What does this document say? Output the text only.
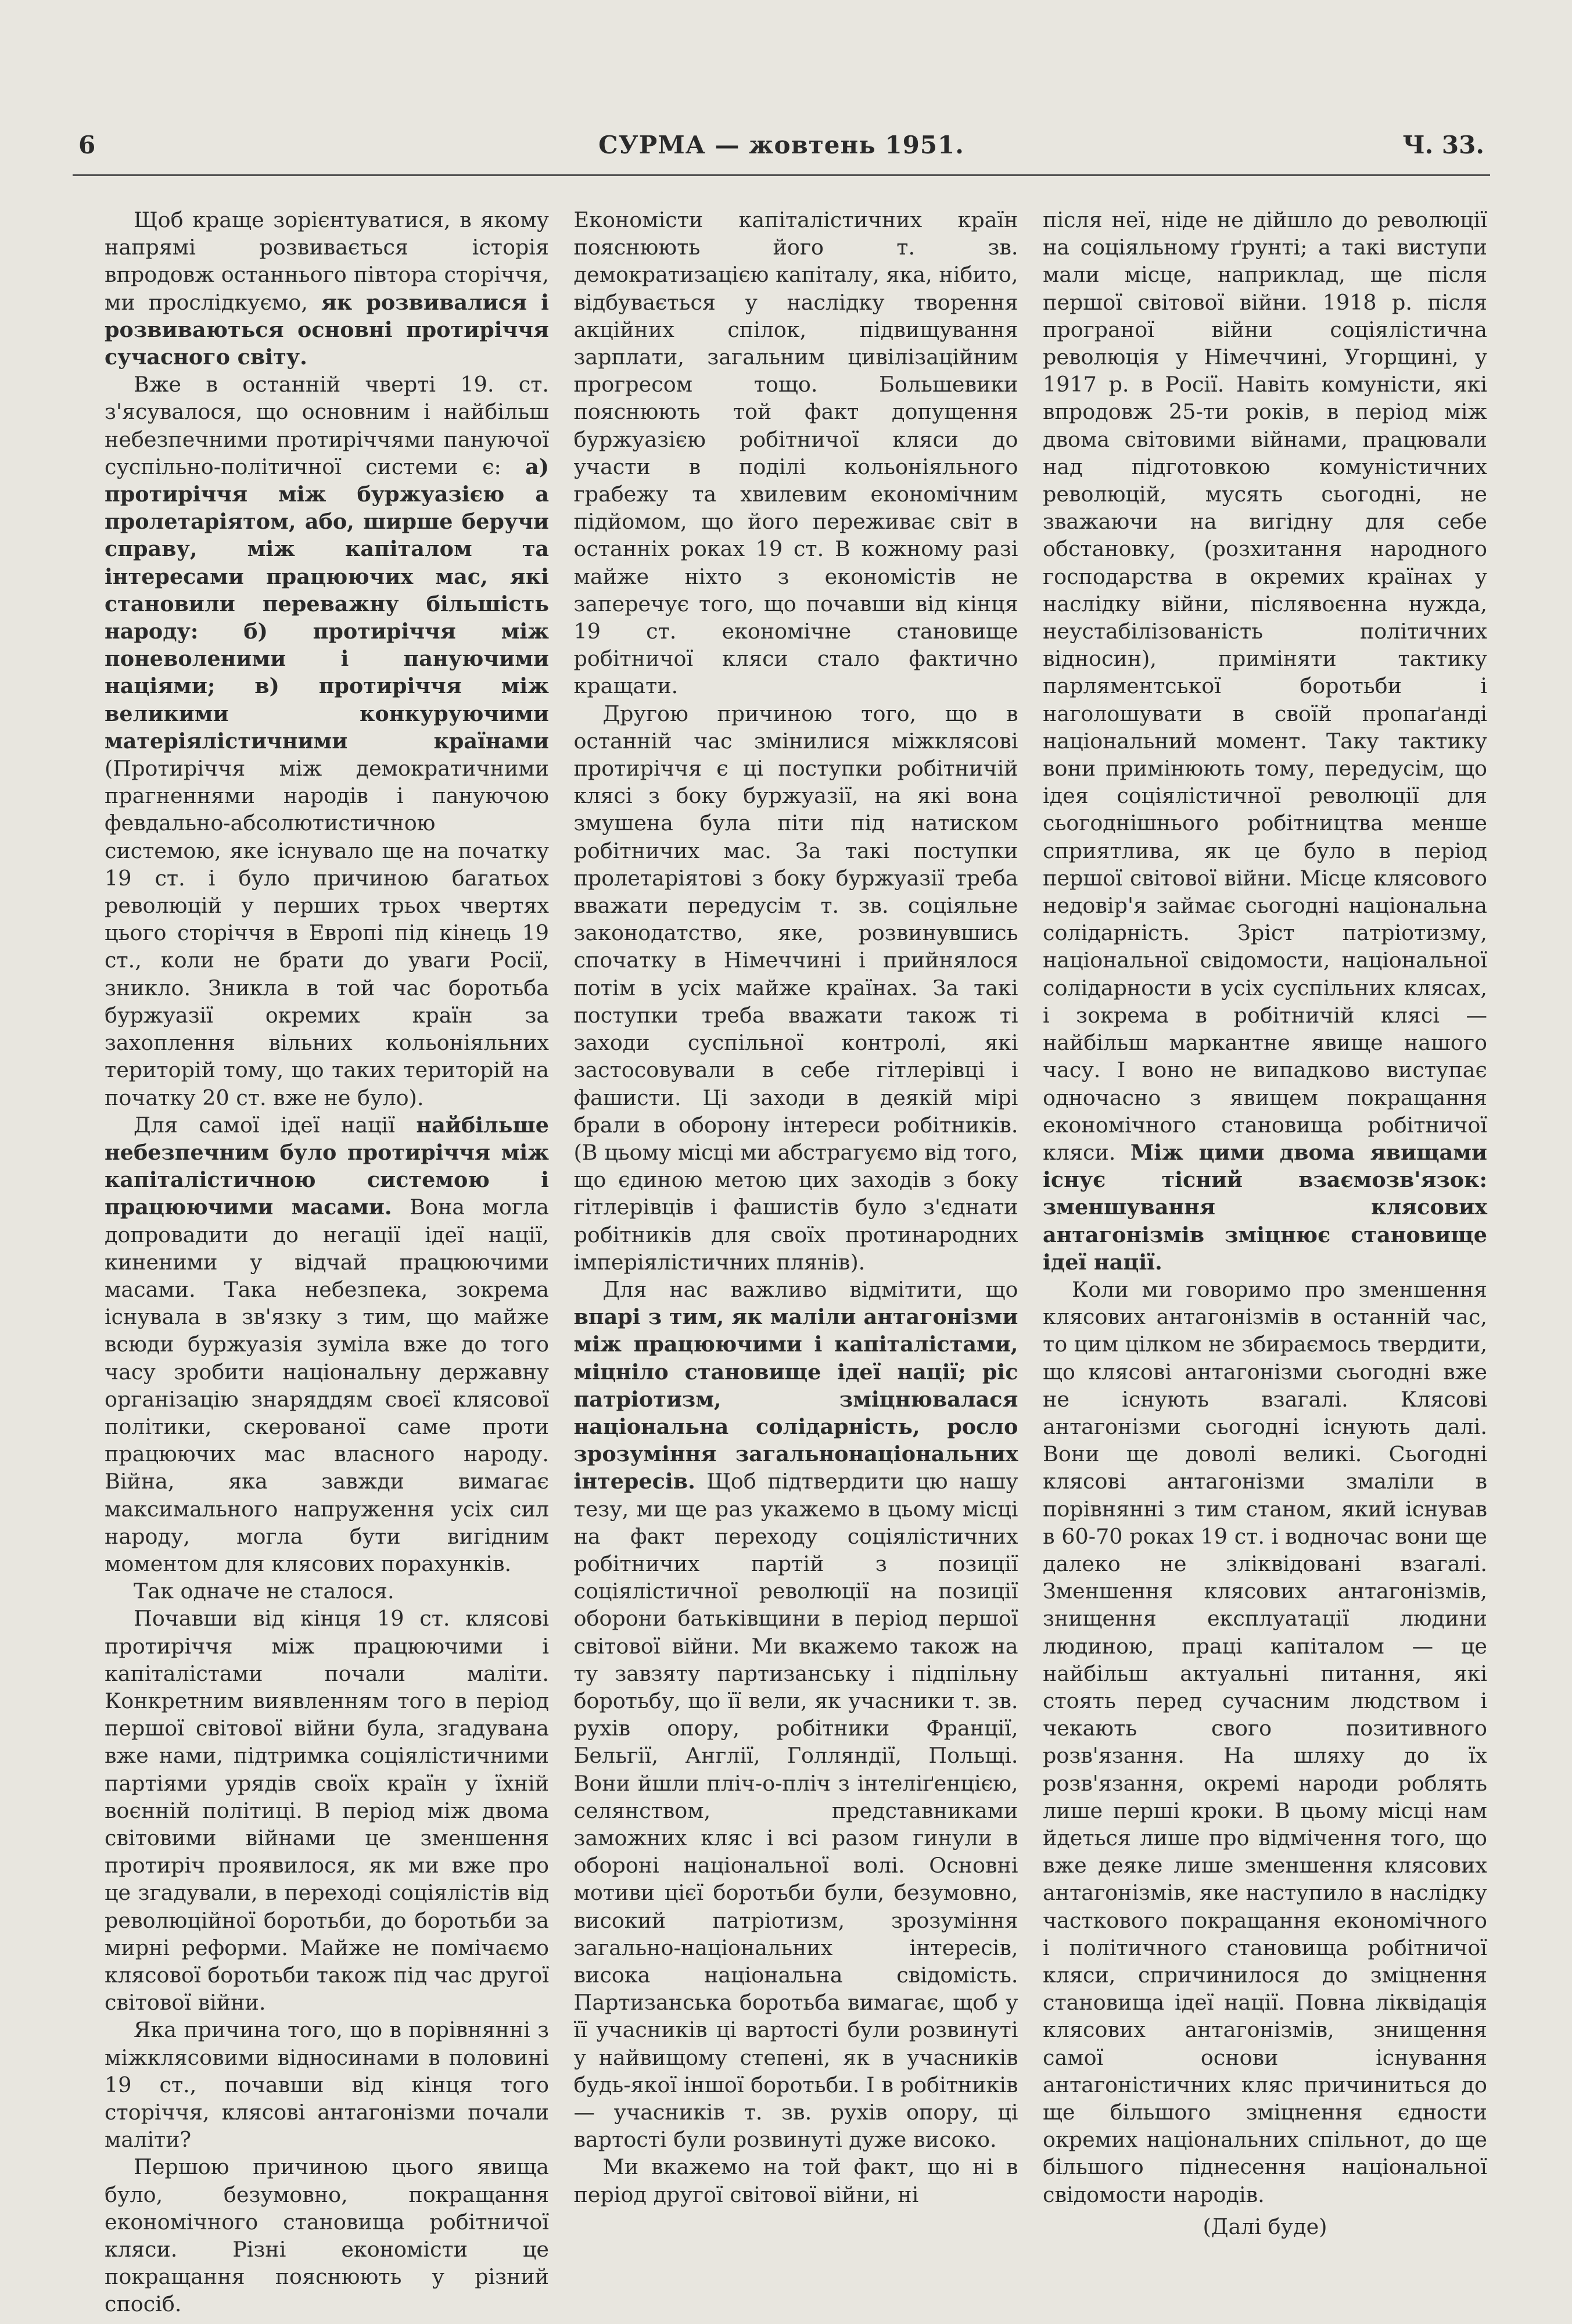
6	СУРМА — жовтень 1951.	Ч. 33.

Щоб краще зорієнтуватися, в якому напрямі розвивається історія впродовж останнього півтора сторіччя, ми прослідкуємо, як розвивалися і розвиваються основні протиріччя сучасного світу.

Вже в останній чверті 19. ст. з'ясувалося, що основним і найбільш небезпечними протиріччями пануючої суспільно-політичної системи є: а) протиріччя між буржуазією а пролетаріятом, або, ширше беручи справу, між капіталом та інтересами працюючих мас, які становили переважну більшість народу: б) протиріччя між поневоленими і пануючими націями; в) протиріччя між великими конкуруючими матеріялістичними країнами (Протиріччя між демократичними прагненнями народів і пануючою февдально-абсолютистичною системою, яке існувало ще на початку 19 ст. і було причиною багатьох революцій у перших трьох чвертях цього сторіччя в Европі під кінець 19 ст., коли не брати до уваги Росії, зникло. Зникла в той час боротьба буржуазії окремих країн за захоплення вільних кольоніяльних територій тому, що таких територій на початку 20 ст. вже не було).

Для самої ідеї нації найбільше небезпечним було протиріччя між капіталістичною системою і працюючими масами. Вона могла допровадити до негації ідеї нації, киненими у відчай працюючими масами. Така небезпека, зокрема існувала в зв'язку з тим, що майже всюди буржуазія зуміла вже до того часу зробити національну державну організацію знаряддям своєї клясової політики, скерованої саме проти працюючих мас власного народу. Війна, яка завжди вимагає максимального напруження усіх сил народу, могла бути вигідним моментом для клясових порахунків.

Так одначе не сталося.

Почавши від кінця 19 ст. клясові протиріччя між працюючими і капіталістами почали маліти. Конкретним виявленням того в період першої світової війни була, згадувана вже нами, підтримка соціялістичними партіями урядів своїх країн у їхній воєнній політиці. В період між двома світовими війнами це зменшення протиріч проявилося, як ми вже про це згадували, в переході соціялістів від революційної боротьби, до боротьби за мирні реформи. Майже не помічаємо клясової боротьби також під час другої світової війни.

Яка причина того, що в порівнянні з міжклясовими відносинами в половині 19 ст., почавши від кінця того сторіччя, клясові антагонізми почали маліти?

Першою причиною цього явища було, безумовно, покращання економічного становища робітничої кляси. Різні економісти це покращання пояснюють у різний спосіб.

Економісти капіталістичних країн пояснюють його т. зв. демократизацією капіталу, яка, нібито, відбувається у наслідку творення акційних спілок, підвищування зарплати, загальним цивілізаційним прогресом тощо. Большевики пояснюють той факт допущення буржуазією робітничої кляси до участи в поділі кольоніяльного грабежу та хвилевим економічним підйомом, що його переживає світ в останніх роках 19 ст. В кожному разі майже ніхто з економістів не заперечує того, що почавши від кінця 19 ст. економічне становище робітничої кляси стало фактично кращати.

Другою причиною того, що в останній час змінилися міжклясові протиріччя є ці поступки робітничій клясі з боку буржуазії, на які вона змушена була піти під натиском робітничих мас. За такі поступки пролетаріятові з боку буржуазії треба вважати передусім т. зв. соціяльне законодатство, яке, розвинувшись спочатку в Німеччині і прийнялося потім в усіх майже країнах. За такі поступки треба вважати також ті заходи суспільної контролі, які застосовували в себе гітлерівці і фашисти. Ці заходи в деякій мірі брали в оборону інтереси робітників. (В цьому місці ми абстрагуємо від того, що єдиною метою цих заходів з боку гітлерівців і фашистів було з'єднати робітників для своїх протинародних імперіялістичних плянів).

Для нас важливо відмітити, що впарі з тим, як маліли антагонізми між працюючими і капіталістами, міцніло становище ідеї нації; ріс патріотизм, зміцнювалася національна солідарність, росло зрозуміння загальнонаціональних інтересів. Щоб підтвердити цю нашу тезу, ми ще раз укажемо в цьому місці на факт переходу соціялістичних робітничих партій з позиції соціялістичної революції на позиції оборони батьківщини в період першої світової війни. Ми вкажемо також на ту завзяту партизанську і підпільну боротьбу, що її вели, як учасники т. зв. рухів опору, робітники Франції, Бельгії, Англії, Голляндії, Польщі. Вони йшли пліч-о-пліч з інтеліґенцією, селянством, представниками заможних кляс і всі разом гинули в обороні національної волі. Основні мотиви цієї боротьби були, безумовно, високий патріотизм, зрозуміння загально-національних інтересів, висока національна свідомість. Партизанська боротьба вимагає, щоб у її учасників ці вартості були розвинуті у найвищому степені, як в учасників будь-якої іншої боротьби. І в робітників — учасників т. зв. рухів опору, ці вартості були розвинуті дуже високо.

Ми вкажемо на той факт, що ні в період другої світової війни, ні

після неї, ніде не дійшло до революції на соціяльному ґрунті; а такі виступи мали місце, наприклад, ще після першої світової війни. 1918 р. після програної війни соціялістична революція у Німеччині, Угорщині, у 1917 р. в Росії. Навіть комуністи, які впродовж 25-ти років, в період між двома світовими війнами, працювали над підготовкою комуністичних революцій, мусять сьогодні, не зважаючи на вигідну для себе обстановку, (розхитання народного господарства в окремих країнах у наслідку війни, післявоєнна нужда, неустабілізованість політичних відносин), приміняти тактику парляментської боротьби і наголошувати в своїй пропаґанді національний момент. Таку тактику вони примінюють тому, передусім, що ідея соціялістичної революції для сьогоднішнього робітництва менше сприятлива, як це було в період першої світової війни. Місце клясового недовір'я займає сьогодні національна солідарність. Зріст патріотизму, національної свідомости, національної солідарности в усіх суспільних клясах, і зокрема в робітничій клясі — найбільш маркантне явище нашого часу. І воно не випадково виступає одночасно з явищем покращання економічного становища робітничої кляси. Між цими двома явищами існує тісний взаємозв'язок: зменшування клясових антагонізмів зміцнює становище ідеї нації.

Коли ми говоримо про зменшення клясових антагонізмів в останній час, то цим цілком не збираємось твердити, що клясові антагонізми сьогодні вже не існують взагалі. Клясові антагонізми сьогодні існують далі. Вони ще доволі великі. Сьогодні клясові антагонізми змаліли в порівнянні з тим станом, який існував в 60-70 роках 19 ст. і водночас вони ще далеко не зліквідовані взагалі. Зменшення клясових антагонізмів, знищення експлуатації людини людиною, праці капіталом — це найбільш актуальні питання, які стоять перед сучасним людством і чекають свого позитивного розв'язання. На шляху до їх розв'язання, окремі народи роблять лише перші кроки. В цьому місці нам йдеться лише про відмічення того, що вже деяке лише зменшення клясових антагонізмів, яке наступило в наслідку часткового покращання економічного і політичного становища робітничої кляси, спричинилося до зміцнення становища ідеї нації. Повна ліквідація клясових антагонізмів, знищення самої основи існування антагоністичних кляс причиниться до ще більшого зміцнення єдности окремих національних спільнот, до ще більшого піднесення національної свідомости народів.

(Далі буде)
